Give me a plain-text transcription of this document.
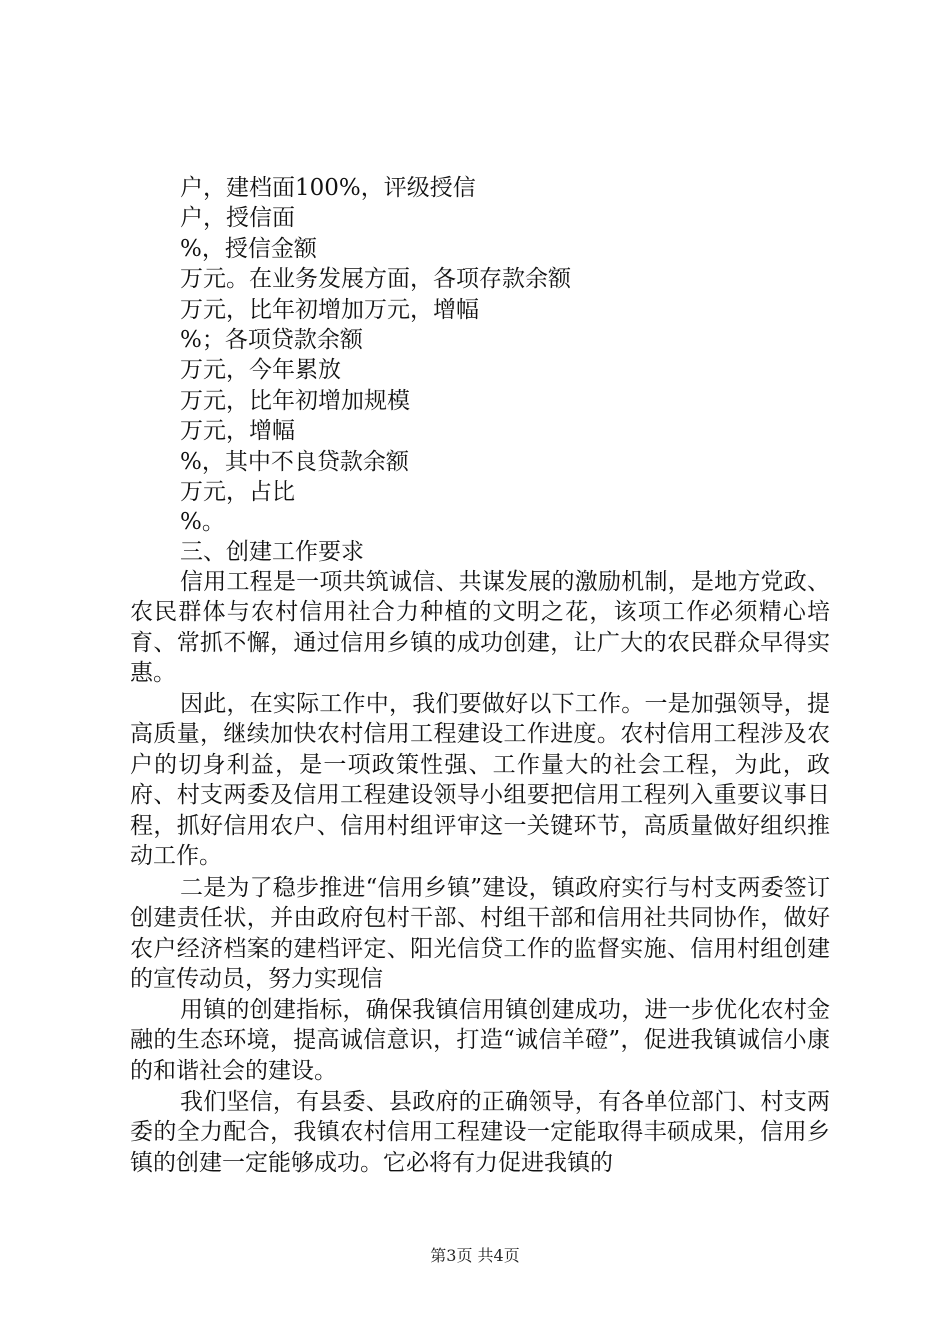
户，建档面100%，评级授信
户，授信面
%，授信金额
万元。在业务发展方面，各项存款余额
万元，比年初增加万元，增幅
%；各项贷款余额
万元，今年累放
万元，比年初增加规模
万元，增幅
%，其中不良贷款余额
万元，占比
%。
三、创建工作要求

信用工程是一项共筑诚信、共谋发展的激励机制，是地方党政、农民群体与农村信用社合力种植的文明之花，该项工作必须精心培育、常抓不懈，通过信用乡镇的成功创建，让广大的农民群众早得实惠。

因此，在实际工作中，我们要做好以下工作。一是加强领导，提高质量，继续加快农村信用工程建设工作进度。农村信用工程涉及农户的切身利益，是一项政策性强、工作量大的社会工程，为此，政府、村支两委及信用工程建设领导小组要把信用工程列入重要议事日程，抓好信用农户、信用村组评审这一关键环节，高质量做好组织推动工作。

二是为了稳步推进“信用乡镇”建设，镇政府实行与村支两委签订创建责任状，并由政府包村干部、村组干部和信用社共同协作，做好农户经济档案的建档评定、阳光信贷工作的监督实施、信用村组创建的宣传动员，努力实现信

用镇的创建指标，确保我镇信用镇创建成功，进一步优化农村金融的生态环境，提高诚信意识，打造“诚信羊磴”，促进我镇诚信小康的和谐社会的建设。

我们坚信，有县委、县政府的正确领导，有各单位部门、村支两委的全力配合，我镇农村信用工程建设一定能取得丰硕成果，信用乡镇的创建一定能够成功。它必将有力促进我镇的

第3页 共4页
